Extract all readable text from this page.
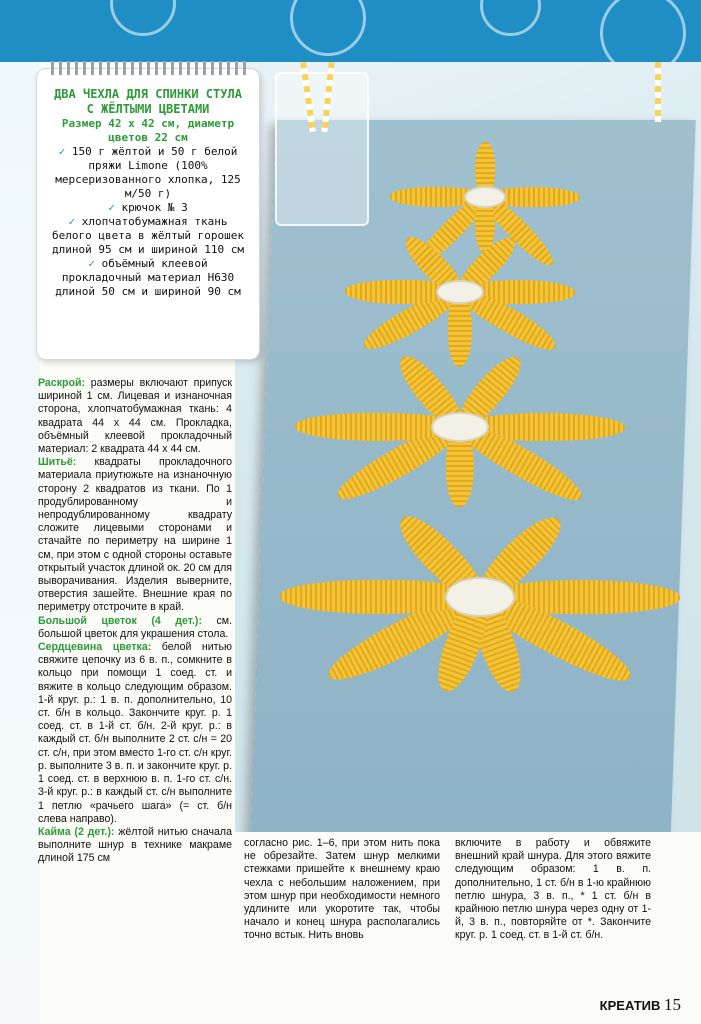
ДВА ЧЕХЛА ДЛЯ СПИНКИ СТУЛА С ЖЁЛТЫМИ ЦВЕТАМИ
Размер 42 х 42 см, диаметр цветов 22 см
✓ 150 г жёлтой и 50 г белой пряжи Limone (100% мерсеризованного хлопка, 125 м/50 г)
✓ крючок № 3
✓ хлопчатобумажная ткань белого цвета в жёлтый горошек длиной 95 см и шириной 110 см
✓ объёмный клеевой прокладочный материал Н630 длиной 50 см и шириной 90 см

Раскрой: размеры включают припуск шириной 1 см. Лицевая и изнаночная сторона, хлопчатобумажная ткань: 4 квадрата 44 х 44 см. Прокладка, объёмный клеевой прокладочный материал: 2 квадрата 44 х 44 см.

Шитьё: квадраты прокладочного материала приутюжьте на изнаночную сторону 2 квадратов из ткани. По 1 продублированному и непродублированному квадрату сложите лицевыми сторонами и стачайте по периметру на ширине 1 см, при этом с одной стороны оставьте открытый участок длиной ок. 20 см для выворачивания. Изделия выверните, отверстия зашейте. Внешние края по периметру отстрочите в край.

Большой цветок (4 дет.): см. большой цветок для украшения стола.

Сердцевина цветка: белой нитью свяжите цепочку из 6 в. п., сомкните в кольцо при помощи 1 соед. ст. и вяжите в кольцо следующим образом. 1-й круг. р.: 1 в. п. дополнительно, 10 ст. б/н в кольцо. Закончите круг. р. 1 соед. ст. в 1-й ст. б/н. 2-й круг. р.: в каждый ст. б/н выполните 2 ст. с/н = 20 ст. с/н, при этом вместо 1-го ст. с/н круг. р. выполните 3 в. п. и закончите круг. р. 1 соед. ст. в верхнюю в. п. 1-го ст. с/н. 3-й круг. р.: в каждый ст. с/н выполните 1 петлю «рачьего шага» (= ст. б/н слева направо).

Кайма (2 дет.): жёлтой нитью сначала выполните шнур в технике макраме длиной 175 см

согласно рис. 1–6, при этом нить пока не обрезайте. Затем шнур мелкими стежками пришейте к внешнему краю чехла с небольшим наложением, при этом шнур при необходимости немного удлините или укоротите так, чтобы начало и конец шнура располагались точно встык. Нить вновь

включите в работу и обвяжите внешний край шнура. Для этого вяжите следующим образом: 1 в. п. дополнительно, 1 ст. б/н в 1-ю крайнюю петлю шнура, 3 в. п., * 1 ст. б/н в крайнюю петлю шнура через одну от 1-й, 3 в. п., повторяйте от *. Закончите круг. р. 1 соед. ст. в 1-й ст. б/н.

КРЕАТИВ 15
